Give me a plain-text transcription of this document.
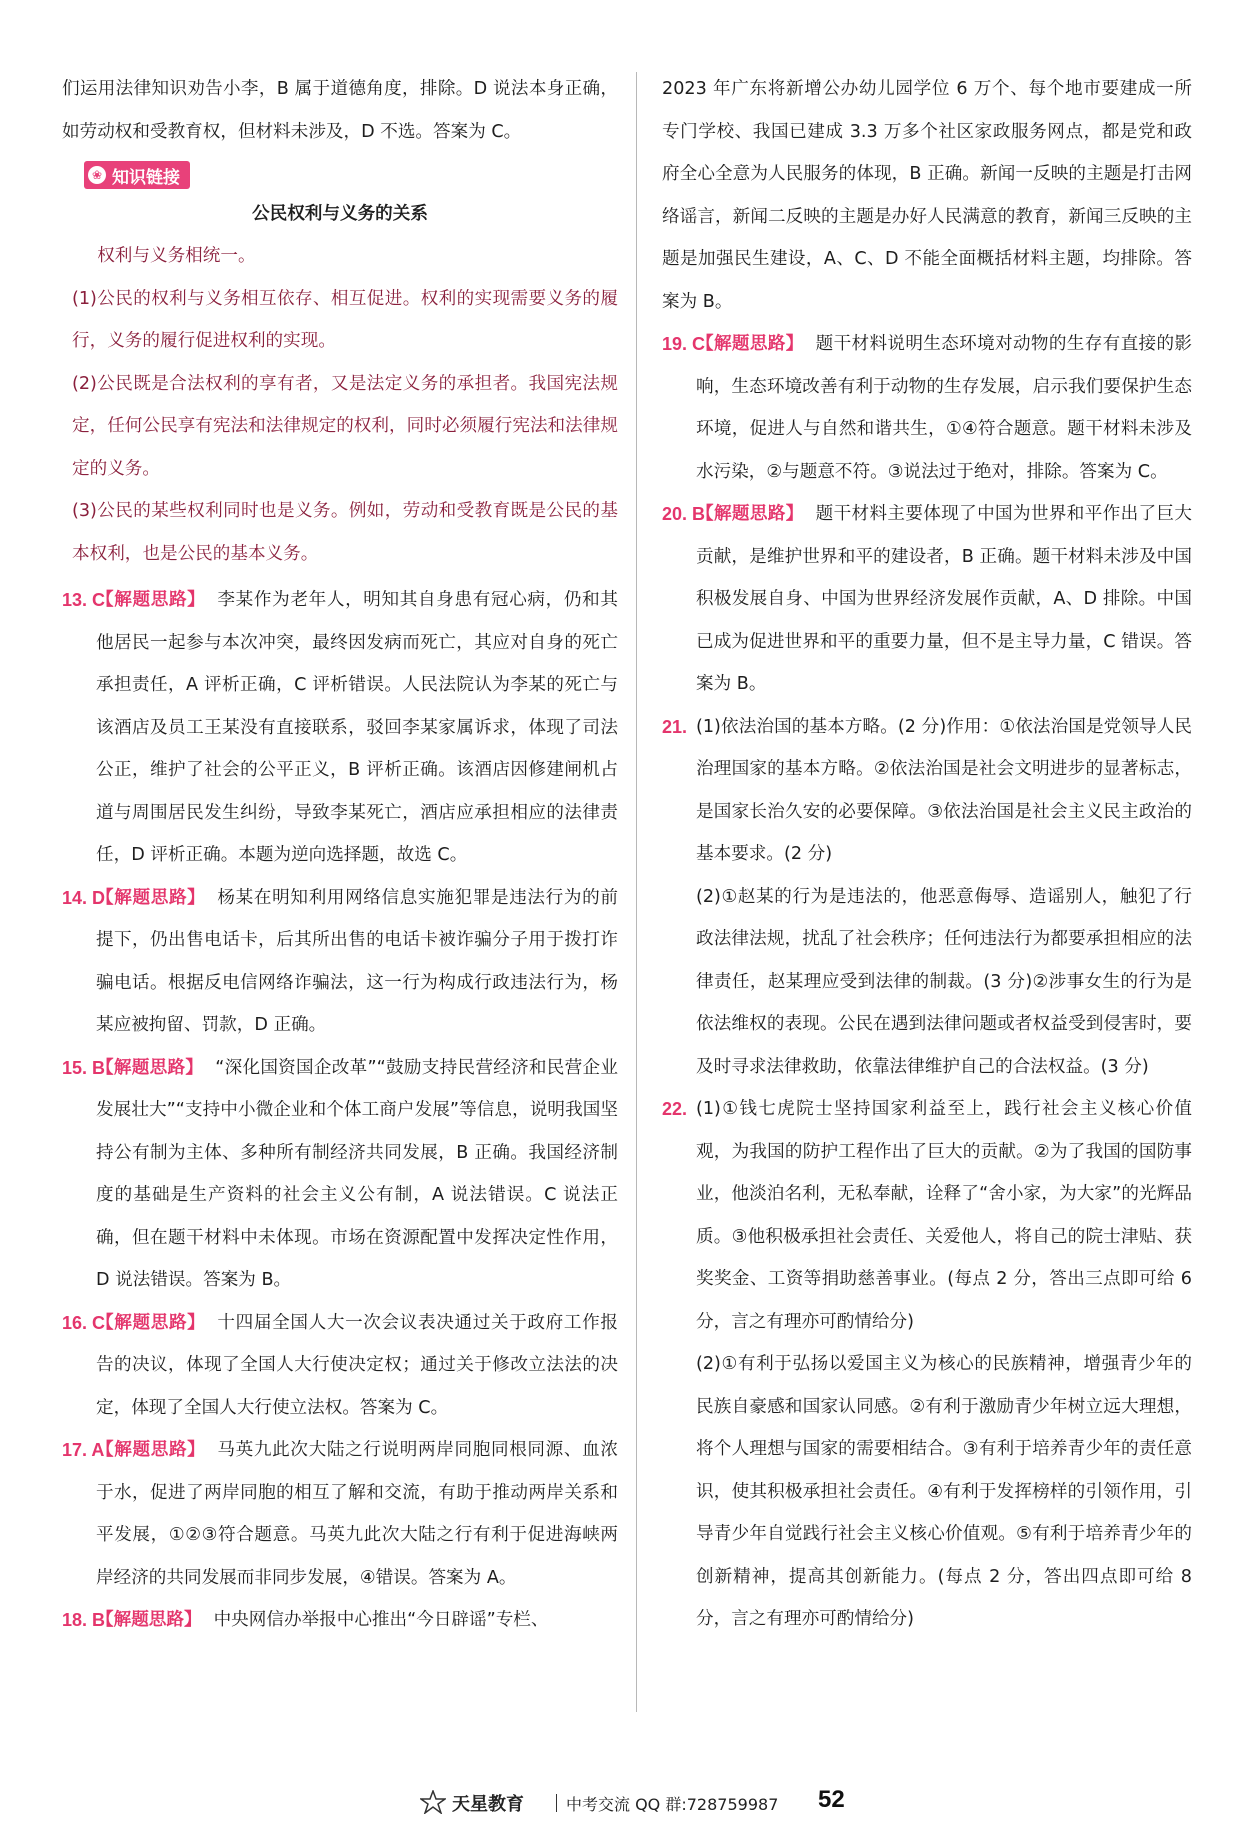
们运用法律知识劝告小李，B 属于道德角度，排除。D 说法本身正确，如劳动权和受教育权，但材料未涉及，D 不选。答案为 C。

❀ 知识链接

公民权利与义务的关系

权利与义务相统一。

(1)公民的权利与义务相互依存、相互促进。权利的实现需要义务的履行，义务的履行促进权利的实现。

(2)公民既是合法权利的享有者，又是法定义务的承担者。我国宪法规定，任何公民享有宪法和法律规定的权利，同时必须履行宪法和法律规定的义务。

(3)公民的某些权利同时也是义务。例如，劳动和受教育既是公民的基本权利，也是公民的基本义务。

13. C
【解题思路】 李某作为老年人，明知其自身患有冠心病，仍和其他居民一起参与本次冲突，最终因发病而死亡，其应对自身的死亡承担责任，A 评析正确，C 评析错误。人民法院认为李某的死亡与该酒店及员工王某没有直接联系，驳回李某家属诉求，体现了司法公正，维护了社会的公平正义，B 评析正确。该酒店因修建闸机占道与周围居民发生纠纷，导致李某死亡，酒店应承担相应的法律责任，D 评析正确。本题为逆向选择题，故选 C。
14. D
【解题思路】 杨某在明知利用网络信息实施犯罪是违法行为的前提下，仍出售电话卡，后其所出售的电话卡被诈骗分子用于拨打诈骗电话。根据反电信网络诈骗法，这一行为构成行政违法行为，杨某应被拘留、罚款，D 正确。
15. B
【解题思路】 “深化国资国企改革”“鼓励支持民营经济和民营企业发展壮大”“支持中小微企业和个体工商户发展”等信息，说明我国坚持公有制为主体、多种所有制经济共同发展，B 正确。我国经济制度的基础是生产资料的社会主义公有制，A 说法错误。C 说法正确，但在题干材料中未体现。市场在资源配置中发挥决定性作用，D 说法错误。答案为 B。
16. C
【解题思路】 十四届全国人大一次会议表决通过关于政府工作报告的决议，体现了全国人大行使决定权；通过关于修改立法法的决定，体现了全国人大行使立法权。答案为 C。
17. A
【解题思路】 马英九此次大陆之行说明两岸同胞同根同源、血浓于水，促进了两岸同胞的相互了解和交流，有助于推动两岸关系和平发展，①②③符合题意。马英九此次大陆之行有利于促进海峡两岸经济的共同发展而非同步发展，④错误。答案为 A。
18. B
【解题思路】 中央网信办举报中心推出“今日辟谣”专栏、

2023 年广东将新增公办幼儿园学位 6 万个、每个地市要建成一所专门学校、我国已建成 3.3 万多个社区家政服务网点，都是党和政府全心全意为人民服务的体现，B 正确。新闻一反映的主题是打击网络谣言，新闻二反映的主题是办好人民满意的教育，新闻三反映的主题是加强民生建设，A、C、D 不能全面概括材料主题，均排除。答案为 B。

19. C
【解题思路】 题干材料说明生态环境对动物的生存有直接的影响，生态环境改善有利于动物的生存发展，启示我们要保护生态环境，促进人与自然和谐共生，①④符合题意。题干材料未涉及水污染，②与题意不符。③说法过于绝对，排除。答案为 C。
20. B
【解题思路】 题干材料主要体现了中国为世界和平作出了巨大贡献，是维护世界和平的建设者，B 正确。题干材料未涉及中国积极发展自身、中国为世界经济发展作贡献，A、D 排除。中国已成为促进世界和平的重要力量，但不是主导力量，C 错误。答案为 B。
21. (1)依法治国的基本方略。(2 分)作用：①依法治国是党领导人民治理国家的基本方略。②依法治国是社会文明进步的显著标志，是国家长治久安的必要保障。③依法治国是社会主义民主政治的基本要求。(2 分)
(2)①赵某的行为是违法的，他恶意侮辱、造谣别人，触犯了行政法律法规，扰乱了社会秩序；任何违法行为都要承担相应的法律责任，赵某理应受到法律的制裁。(3 分)②涉事女生的行为是依法维权的表现。公民在遇到法律问题或者权益受到侵害时，要及时寻求法律救助，依靠法律维护自己的合法权益。(3 分)
22. (1)①钱七虎院士坚持国家利益至上，践行社会主义核心价值观，为我国的防护工程作出了巨大的贡献。②为了我国的国防事业，他淡泊名利，无私奉献，诠释了“舍小家，为大家”的光辉品质。③他积极承担社会责任、关爱他人，将自己的院士津贴、获奖奖金、工资等捐助慈善事业。(每点 2 分，答出三点即可给 6 分，言之有理亦可酌情给分)
(2)①有利于弘扬以爱国主义为核心的民族精神，增强青少年的民族自豪感和国家认同感。②有利于激励青少年树立远大理想，将个人理想与国家的需要相结合。③有利于培养青少年的责任意识，使其积极承担社会责任。④有利于发挥榜样的引领作用，引导青少年自觉践行社会主义核心价值观。⑤有利于培养青少年的创新精神，提高其创新能力。(每点 2 分，答出四点即可给 8 分，言之有理亦可酌情给分)
天星教育	中考交流 QQ 群:728759987 52
